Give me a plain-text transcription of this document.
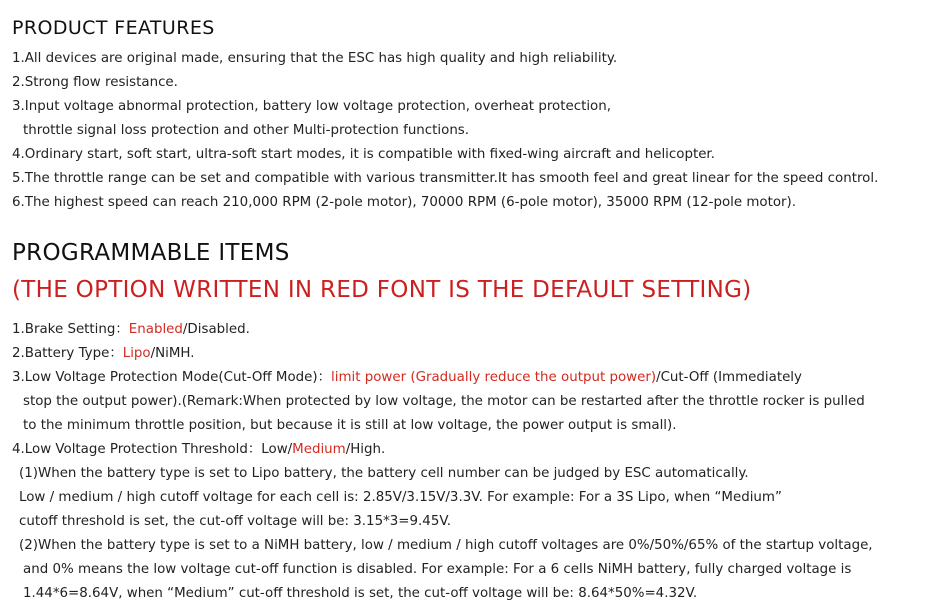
PRODUCT FEATURES

1.All devices are original made, ensuring that the ESC has high quality and high reliability.

2.Strong flow resistance.

3.Input voltage abnormal protection, battery low voltage protection, overheat protection,

throttle signal loss protection and other Multi-protection functions.

4.Ordinary start, soft start, ultra-soft start modes, it is compatible with fixed-wing aircraft and helicopter.

5.The throttle range can be set and compatible with various transmitter.It has smooth feel and great linear for the speed control.

6.The highest speed can reach 210,000 RPM (2-pole motor), 70000 RPM (6-pole motor), 35000 RPM (12-pole motor).

PROGRAMMABLE ITEMS
(THE OPTION WRITTEN IN RED FONT IS THE DEFAULT SETTING)

1.Brake Setting：Enabled/Disabled.

2.Battery Type：Lipo/NiMH.

3.Low Voltage Protection Mode(Cut-Off Mode)：limit power (Gradually reduce the output power)/Cut-Off (Immediately

stop the output power).(Remark:When protected by low voltage, the motor can be restarted after the throttle rocker is pulled

to the minimum throttle position, but because it is still at low voltage, the power output is small).

4.Low Voltage Protection Threshold：Low/Medium/High.

(1)When the battery type is set to Lipo battery, the battery cell number can be judged by ESC automatically.

Low / medium / high cutoff voltage for each cell is: 2.85V/3.15V/3.3V. For example: For a 3S Lipo, when “Medium”

cutoff threshold is set, the cut-off voltage will be: 3.15*3=9.45V.

(2)When the battery type is set to a NiMH battery, low / medium / high cutoff voltages are 0%/50%/65% of the startup voltage,

and 0% means the low voltage cut-off function is disabled. For example: For a 6 cells NiMH battery, fully charged voltage is

1.44*6=8.64V, when “Medium” cut-off threshold is set, the cut-off voltage will be: 8.64*50%=4.32V.
